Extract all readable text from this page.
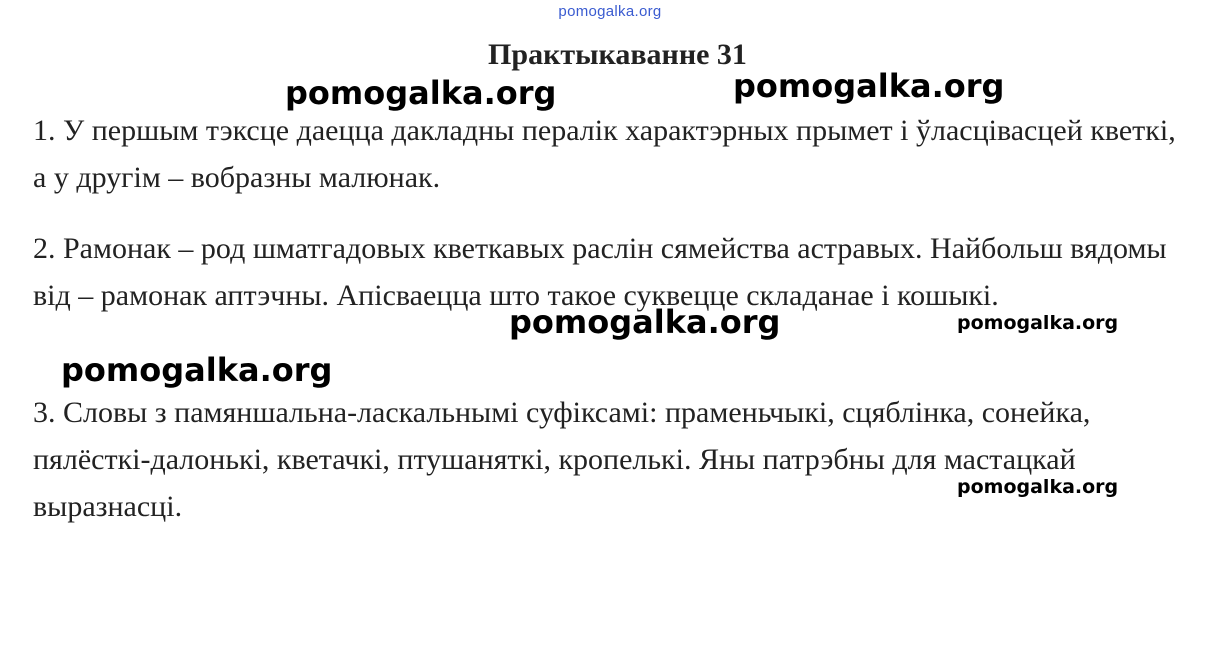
pomogalka.org
Практыкаванне 31

1. У першым тэксце даецца дакладны пералік характэрных прымет і ўласцівасцей кветкі, а у другім – вобразны малюнак.

2. Рамонак – род шматгадовых кветкавых раслін сямейства астравых. Найбольш вядомы від – рамонак аптэчны. Апісваецца што такое суквецце складанае і кошыкі.

3. Словы з памяншальна-ласкальнымі суфіксамі: праменьчыкі, сцяблінка, сонейка, пялёсткі-далонькі, кветачкі, птушаняткі, кропелькі. Яны патрэбны для мастацкай выразнасці.

pomogalka.org	pomogalka.org
pomogalka.org	pomogalka.org
pomogalka.org
pomogalka.org
